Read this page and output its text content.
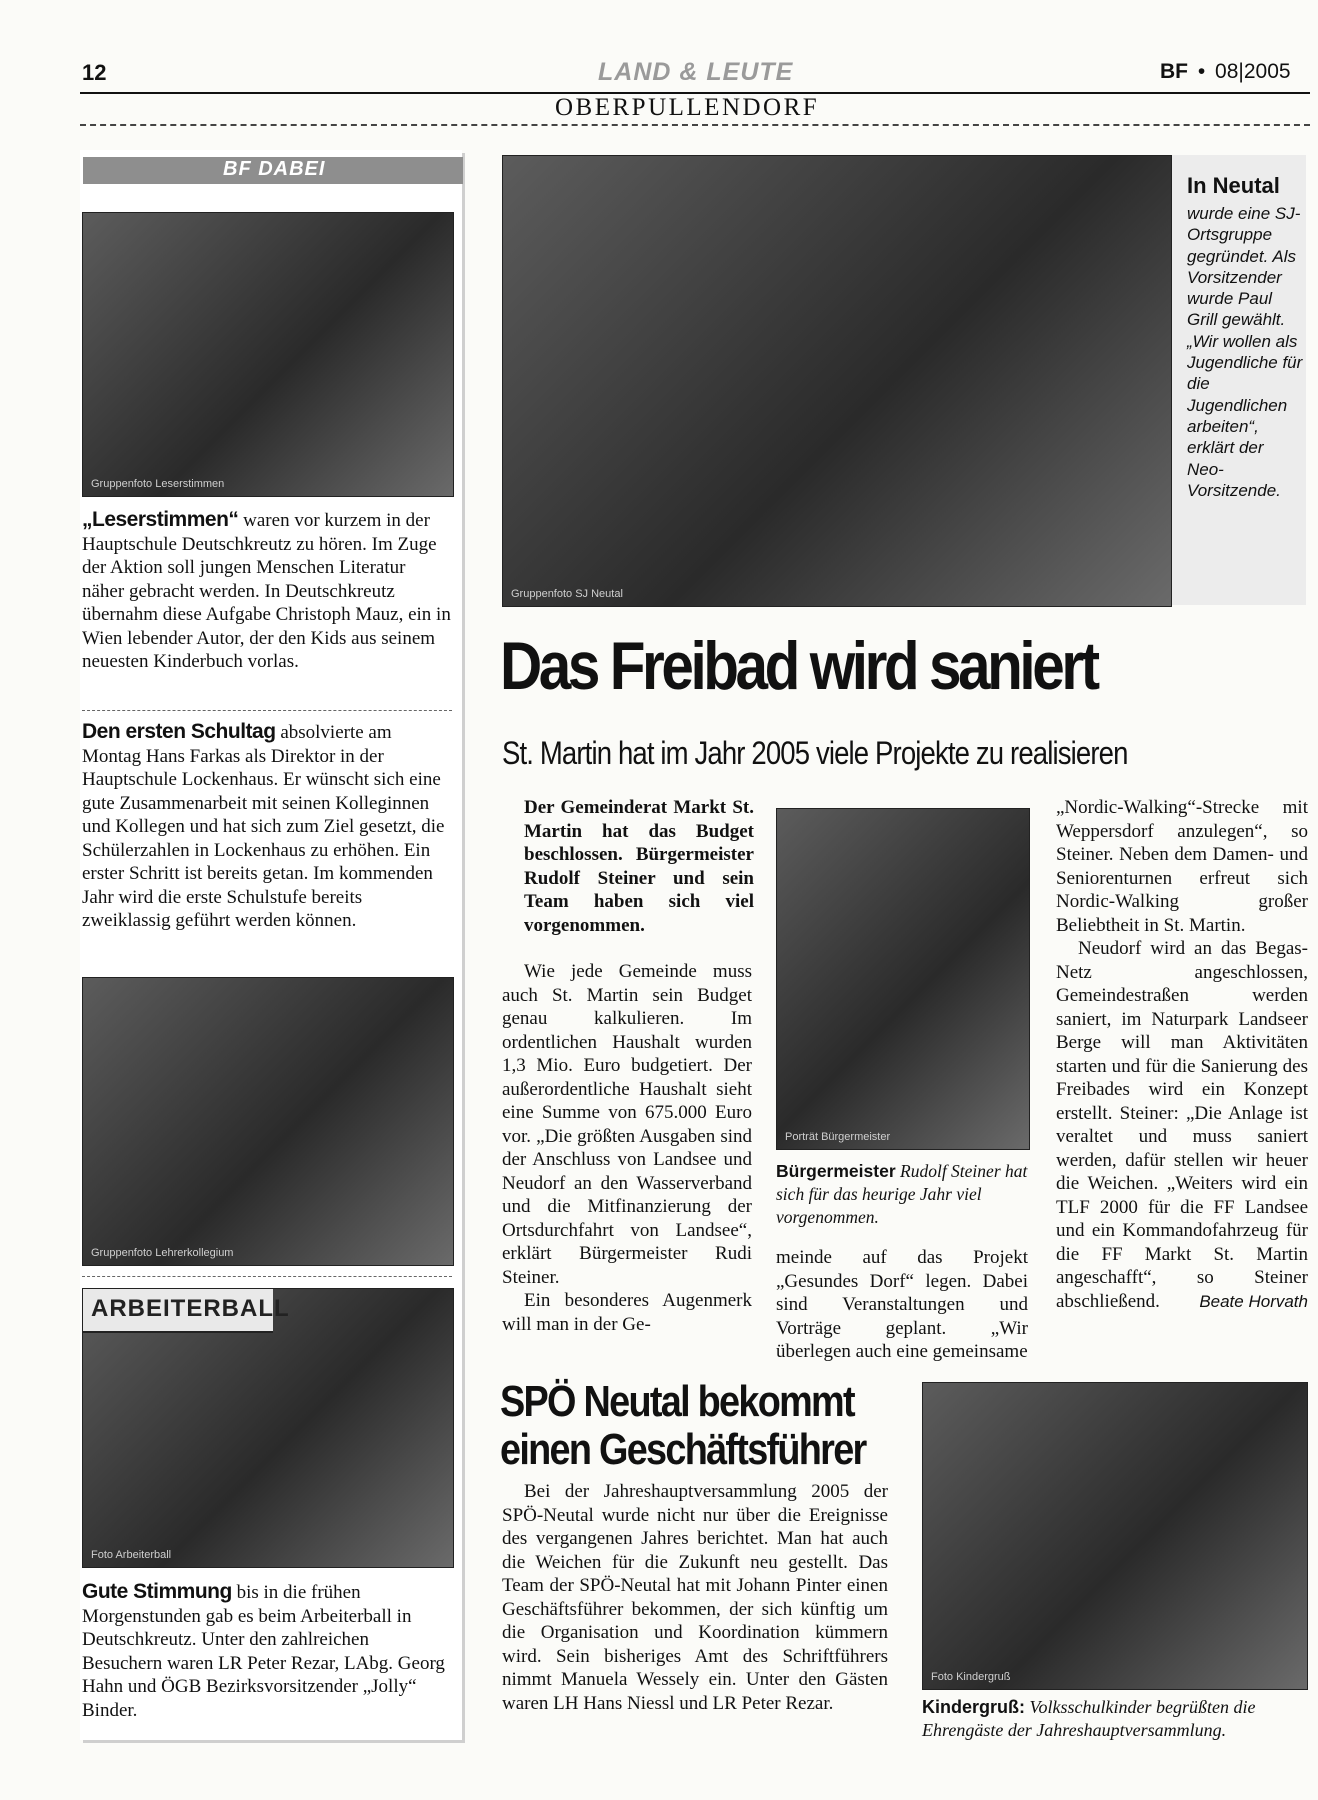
12	LAND & LEUTE	BF • 08|2005
OBERPULLENDORF
BF DABEI
Gruppenfoto Leserstimmen
„Leserstimmen“ waren vor kurzem in der Hauptschule Deutschkreutz zu hören. Im Zuge der Aktion soll jungen Menschen Literatur näher gebracht werden. In Deutschkreutz übernahm diese Aufgabe Christoph Mauz, ein in Wien lebender Autor, der den Kids aus seinem neuesten Kinderbuch vorlas.
Den ersten Schultag absolvierte am Montag Hans Farkas als Direktor in der Hauptschule Lockenhaus. Er wünscht sich eine gute Zusammenarbeit mit seinen Kolleginnen und Kollegen und hat sich zum Ziel gesetzt, die Schülerzahlen in Lockenhaus zu erhöhen. Ein erster Schritt ist bereits getan. Im kommenden Jahr wird die erste Schulstufe bereits zweiklassig geführt werden können.
Gruppenfoto Lehrerkollegium
ARBEITERBALL
Foto Arbeiterball
Gute Stimmung bis in die frühen Morgenstunden gab es beim Arbeiterball in Deutschkreutz. Unter den zahlreichen Besuchern waren LR Peter Rezar, LAbg. Georg Hahn und ÖGB Bezirksvorsitzender „Jolly“ Binder.
Gruppenfoto SJ Neutal
In Neutal
wurde eine SJ-Ortsgruppe gegründet. Als Vorsitzender wurde Paul Grill gewählt. „Wir wollen als Jugendliche für die Jugendlichen arbeiten“, erklärt der Neo-Vorsitzende.
Das Freibad wird saniert
St. Martin hat im Jahr 2005 viele Projekte zu realisieren
Der Gemeinderat Markt St. Martin hat das Budget beschlossen. Bürgermeister Rudolf Steiner und sein Team haben sich viel vorgenommen.
Wie jede Gemeinde muss auch St. Martin sein Budget genau kalkulieren. Im ordentlichen Haushalt wurden 1,3 Mio. Euro budgetiert. Der außerordentliche Haushalt sieht eine Summe von 675.000 Euro vor. „Die größten Ausgaben sind der Anschluss von Landsee und Neudorf an den Wasserverband und die Mitfinanzierung der Ortsdurchfahrt von Landsee“, erklärt Bürgermeister Rudi Steiner.
Ein besonderes Augenmerk will man in der Ge-
Porträt Bürgermeister
Bürgermeister Rudolf Steiner hat sich für das heurige Jahr viel vorgenommen.
meinde auf das Projekt „Gesundes Dorf“ legen. Dabei sind Veranstaltungen und Vorträge geplant. „Wir überlegen auch eine gemeinsame
„Nordic-Walking“-Strecke mit Weppersdorf anzulegen“, so Steiner. Neben dem Damen- und Seniorenturnen erfreut sich Nordic-Walking großer Beliebtheit in St. Martin.
Neudorf wird an das Begas-Netz angeschlossen, Gemeindestraßen werden saniert, im Naturpark Landseer Berge will man Aktivitäten starten und für die Sanierung des Freibades wird ein Konzept erstellt. Steiner: „Die Anlage ist veraltet und muss saniert werden, dafür stellen wir heuer die Weichen. „Weiters wird ein TLF 2000 für die FF Landsee und ein Kommandofahrzeug für die FF Markt St. Martin angeschafft“, so Steiner abschließend.	Beate Horvath
SPÖ Neutal bekommt
einen Geschäftsführer
Bei der Jahreshauptversammlung 2005 der SPÖ-Neutal wurde nicht nur über die Ereignisse des vergangenen Jahres berichtet. Man hat auch die Weichen für die Zukunft neu gestellt. Das Team der SPÖ-Neutal hat mit Johann Pinter einen Geschäftsführer bekommen, der sich künftig um die Organisation und Koordination kümmern wird. Sein bisheriges Amt des Schriftführers nimmt Manuela Wessely ein. Unter den Gästen waren LH Hans Niessl und LR Peter Rezar.
Foto Kindergruß
Kindergruß: Volksschulkinder begrüßten die Ehrengäste der Jahreshauptversammlung.
